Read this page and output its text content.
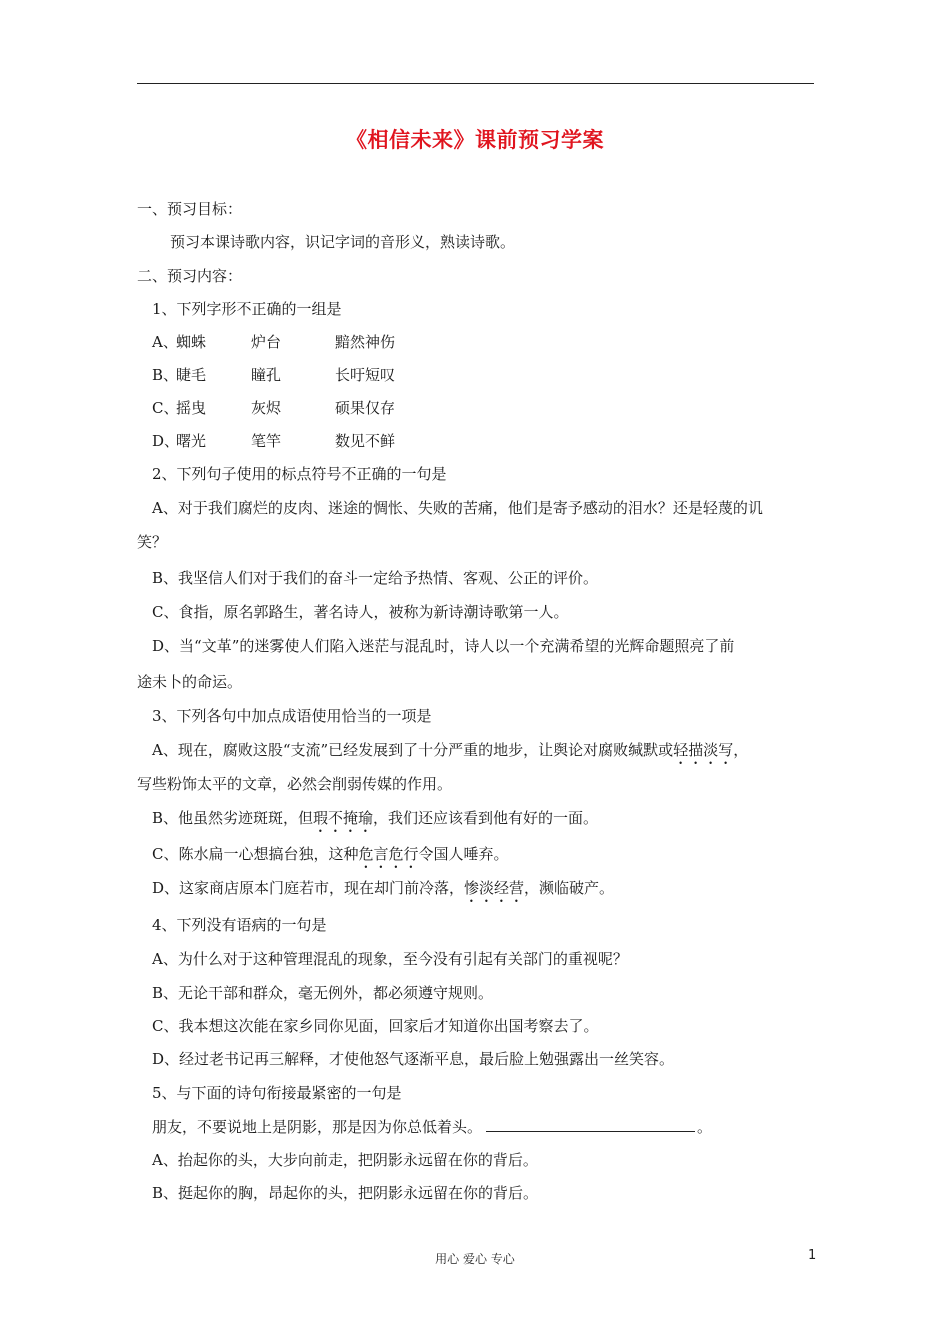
《相信未来》课前预习学案
一、预习目标：
预习本课诗歌内容，识记字词的音形义，熟读诗歌。
二、预习内容：
1、下列字形不正确的一组是
A、蜘蛛	炉台	黯然神伤
B、睫毛	瞳孔	长吁短叹
C、摇曳	灰烬	硕果仅存
D、曙光	笔竿	数见不鲜
2、下列句子使用的标点符号不正确的一句是
A、对于我们腐烂的皮肉、迷途的惆怅、失败的苦痛，他们是寄予感动的泪水？还是轻蔑的讥
笑？
B、我坚信人们对于我们的奋斗一定给予热情、客观、公正的评价。
C、食指，原名郭路生，著名诗人，被称为新诗潮诗歌第一人。
D、当“文革”的迷雾使人们陷入迷茫与混乱时，诗人以一个充满希望的光辉命题照亮了前
途未卜的命运。
3、下列各句中加点成语使用恰当的一项是
A、现在，腐败这股“支流”已经发展到了十分严重的地步，让舆论对腐败缄默或轻描淡写，
写些粉饰太平的文章，必然会削弱传媒的作用。
B、他虽然劣迹斑斑，但瑕不掩瑜，我们还应该看到他有好的一面。
C、陈水扁一心想搞台独，这种危言危行令国人唾弃。
D、这家商店原本门庭若市，现在却门前冷落，惨淡经营，濒临破产。
4、下列没有语病的一句是
A、为什么对于这种管理混乱的现象，至今没有引起有关部门的重视呢？
B、无论干部和群众，毫无例外，都必须遵守规则。
C、我本想这次能在家乡同你见面，回家后才知道你出国考察去了。
D、经过老书记再三解释，才使他怒气逐渐平息，最后脸上勉强露出一丝笑容。
5、与下面的诗句衔接最紧密的一句是
朋友，不要说地上是阴影，那是因为你总低着头。	。
A、抬起你的头，大步向前走，把阴影永远留在你的背后。
B、挺起你的胸，昂起你的头，把阴影永远留在你的背后。
用心 爱心 专心	1
